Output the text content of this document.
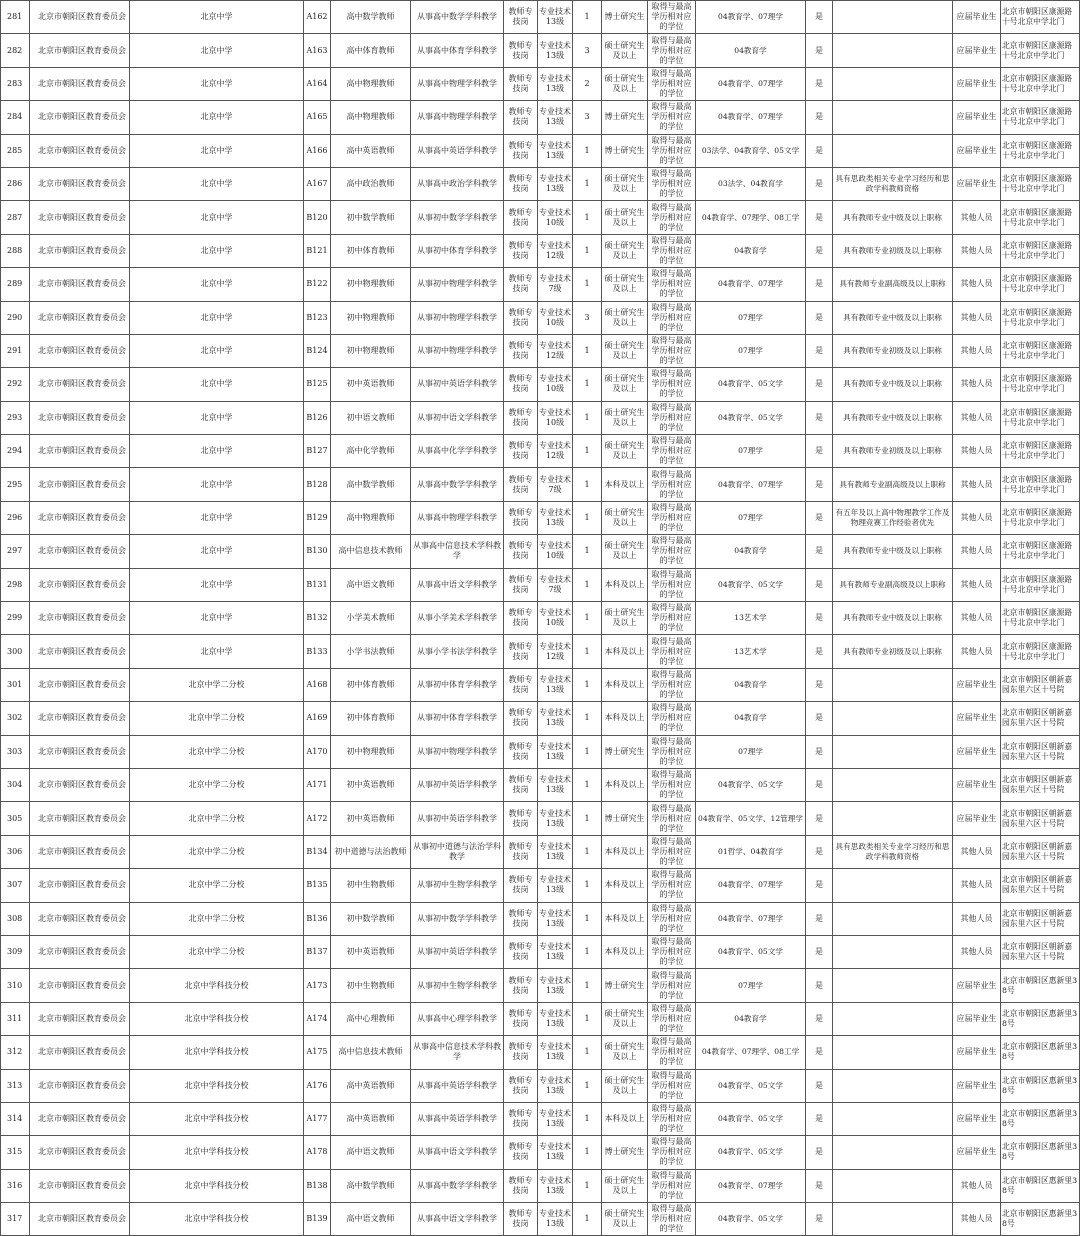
281	北京市朝阳区教育委员会	北京中学	A162	高中数学教师	从事高中数学学科教学	教师专技岗	专业技术13级	1	博士研究生	取得与最高学历相对应的学位	04教育学、07理学	是		应届毕业生	北京市朝阳区康源路十号北京中学北门
282	北京市朝阳区教育委员会	北京中学	A163	高中体育教师	从事高中体育学科教学	教师专技岗	专业技术13级	3	硕士研究生及以上	取得与最高学历相对应的学位	04教育学	是		应届毕业生	北京市朝阳区康源路十号北京中学北门
283	北京市朝阳区教育委员会	北京中学	A164	高中物理教师	从事高中物理学科教学	教师专技岗	专业技术13级	2	硕士研究生及以上	取得与最高学历相对应的学位	04教育学、07理学	是		应届毕业生	北京市朝阳区康源路十号北京中学北门
284	北京市朝阳区教育委员会	北京中学	A165	高中物理教师	从事高中物理学科教学	教师专技岗	专业技术13级	3	博士研究生	取得与最高学历相对应的学位	04教育学、07理学	是		应届毕业生	北京市朝阳区康源路十号北京中学北门
285	北京市朝阳区教育委员会	北京中学	A166	高中英语教师	从事高中英语学科教学	教师专技岗	专业技术13级	1	博士研究生	取得与最高学历相对应的学位	03法学、04教育学、05文学	是		应届毕业生	北京市朝阳区康源路十号北京中学北门
286	北京市朝阳区教育委员会	北京中学	A167	高中政治教师	从事高中政治学科教学	教师专技岗	专业技术13级	1	硕士研究生及以上	取得与最高学历相对应的学位	03法学、04教育学	是	具有思政类相关专业学习经历和思政学科教师资格	应届毕业生	北京市朝阳区康源路十号北京中学北门
287	北京市朝阳区教育委员会	北京中学	B120	初中数学教师	从事初中数学学科教学	教师专技岗	专业技术10级	1	硕士研究生及以上	取得与最高学历相对应的学位	04教育学、07理学、08工学	是	具有教师专业中级及以上职称	其他人员	北京市朝阳区康源路十号北京中学北门
288	北京市朝阳区教育委员会	北京中学	B121	初中体育教师	从事初中体育学科教学	教师专技岗	专业技术12级	1	硕士研究生及以上	取得与最高学历相对应的学位	04教育学	是	具有教师专业初级及以上职称	其他人员	北京市朝阳区康源路十号北京中学北门
289	北京市朝阳区教育委员会	北京中学	B122	初中物理教师	从事初中物理学科教学	教师专技岗	专业技术7级	1	硕士研究生及以上	取得与最高学历相对应的学位	04教育学、07理学	是	具有教师专业副高级及以上职称	其他人员	北京市朝阳区康源路十号北京中学北门
290	北京市朝阳区教育委员会	北京中学	B123	初中物理教师	从事初中物理学科教学	教师专技岗	专业技术10级	3	硕士研究生及以上	取得与最高学历相对应的学位	07理学	是	具有教师专业中级及以上职称	其他人员	北京市朝阳区康源路十号北京中学北门
291	北京市朝阳区教育委员会	北京中学	B124	初中物理教师	从事初中物理学科教学	教师专技岗	专业技术12级	1	硕士研究生及以上	取得与最高学历相对应的学位	07理学	是	具有教师专业初级及以上职称	其他人员	北京市朝阳区康源路十号北京中学北门
292	北京市朝阳区教育委员会	北京中学	B125	初中英语教师	从事初中英语学科教学	教师专技岗	专业技术10级	1	硕士研究生及以上	取得与最高学历相对应的学位	04教育学、05文学	是	具有教师专业中级及以上职称	其他人员	北京市朝阳区康源路十号北京中学北门
293	北京市朝阳区教育委员会	北京中学	B126	初中语文教师	从事初中语文学科教学	教师专技岗	专业技术10级	1	硕士研究生及以上	取得与最高学历相对应的学位	04教育学、05文学	是	具有教师专业中级及以上职称	其他人员	北京市朝阳区康源路十号北京中学北门
294	北京市朝阳区教育委员会	北京中学	B127	高中化学教师	从事高中化学学科教学	教师专技岗	专业技术12级	1	硕士研究生及以上	取得与最高学历相对应的学位	07理学	是	具有教师专业初级及以上职称	其他人员	北京市朝阳区康源路十号北京中学北门
295	北京市朝阳区教育委员会	北京中学	B128	高中数学教师	从事高中数学学科教学	教师专技岗	专业技术7级	1	本科及以上	取得与最高学历相对应的学位	04教育学、07理学	是	具有教师专业副高级及以上职称	其他人员	北京市朝阳区康源路十号北京中学北门
296	北京市朝阳区教育委员会	北京中学	B129	高中物理教师	从事高中物理学科教学	教师专技岗	专业技术13级	1	硕士研究生及以上	取得与最高学历相对应的学位	07理学	是	有五年及以上高中物理教学工作及物理竞赛工作经验者优先	其他人员	北京市朝阳区康源路十号北京中学北门
297	北京市朝阳区教育委员会	北京中学	B130	高中信息技术教师	从事高中信息技术学科教学	教师专技岗	专业技术10级	1	硕士研究生及以上	取得与最高学历相对应的学位	04教育学	是	具有教师专业中级及以上职称	其他人员	北京市朝阳区康源路十号北京中学北门
298	北京市朝阳区教育委员会	北京中学	B131	高中语文教师	从事高中语文学科教学	教师专技岗	专业技术7级	1	本科及以上	取得与最高学历相对应的学位	04教育学、05文学	是	具有教师专业副高级及以上职称	其他人员	北京市朝阳区康源路十号北京中学北门
299	北京市朝阳区教育委员会	北京中学	B132	小学美术教师	从事小学美术学科教学	教师专技岗	专业技术10级	1	硕士研究生及以上	取得与最高学历相对应的学位	13艺术学	是	具有教师专业中级及以上职称	其他人员	北京市朝阳区康源路十号北京中学北门
300	北京市朝阳区教育委员会	北京中学	B133	小学书法教师	从事小学书法学科教学	教师专技岗	专业技术12级	1	本科及以上	取得与最高学历相对应的学位	13艺术学	是	具有教师专业初级及以上职称	其他人员	北京市朝阳区康源路十号北京中学北门
301	北京市朝阳区教育委员会	北京中学二分校	A168	初中体育教师	从事初中体育学科教学	教师专技岗	专业技术13级	1	本科及以上	取得与最高学历相对应的学位	04教育学	是		应届毕业生	北京市朝阳区朝新嘉园东里六区十号院
302	北京市朝阳区教育委员会	北京中学二分校	A169	初中体育教师	从事初中体育学科教学	教师专技岗	专业技术13级	1	本科及以上	取得与最高学历相对应的学位	04教育学	是		应届毕业生	北京市朝阳区朝新嘉园东里六区十号院
303	北京市朝阳区教育委员会	北京中学二分校	A170	初中物理教师	从事初中物理学科教学	教师专技岗	专业技术13级	1	博士研究生	取得与最高学历相对应的学位	07理学	是		应届毕业生	北京市朝阳区朝新嘉园东里六区十号院
304	北京市朝阳区教育委员会	北京中学二分校	A171	初中英语教师	从事初中英语学科教学	教师专技岗	专业技术13级	1	本科及以上	取得与最高学历相对应的学位	04教育学、05文学	是		应届毕业生	北京市朝阳区朝新嘉园东里六区十号院
305	北京市朝阳区教育委员会	北京中学二分校	A172	初中英语教师	从事初中英语学科教学	教师专技岗	专业技术13级	1	博士研究生	取得与最高学历相对应的学位	04教育学、05文学、12管理学	是		应届毕业生	北京市朝阳区朝新嘉园东里六区十号院
306	北京市朝阳区教育委员会	北京中学二分校	B134	初中道德与法治教师	从事初中道德与法治学科教学	教师专技岗	专业技术13级	1	本科及以上	取得与最高学历相对应的学位	01哲学、04教育学	是	具有思政类相关专业学习经历和思政学科教师资格	其他人员	北京市朝阳区朝新嘉园东里六区十号院
307	北京市朝阳区教育委员会	北京中学二分校	B135	初中生物教师	从事初中生物学科教学	教师专技岗	专业技术13级	1	本科及以上	取得与最高学历相对应的学位	04教育学、07理学	是		其他人员	北京市朝阳区朝新嘉园东里六区十号院
308	北京市朝阳区教育委员会	北京中学二分校	B136	初中数学教师	从事初中数学学科教学	教师专技岗	专业技术13级	1	本科及以上	取得与最高学历相对应的学位	04教育学、07理学	是		其他人员	北京市朝阳区朝新嘉园东里六区十号院
309	北京市朝阳区教育委员会	北京中学二分校	B137	初中英语教师	从事初中英语学科教学	教师专技岗	专业技术13级	1	本科及以上	取得与最高学历相对应的学位	04教育学、05文学	是		其他人员	北京市朝阳区朝新嘉园东里六区十号院
310	北京市朝阳区教育委员会	北京中学科技分校	A173	初中生物教师	从事初中生物学科教学	教师专技岗	专业技术13级	1	博士研究生	取得与最高学历相对应的学位	07理学	是		应届毕业生	北京市朝阳区惠新里38号
311	北京市朝阳区教育委员会	北京中学科技分校	A174	高中心理教师	从事高中心理学科教学	教师专技岗	专业技术13级	1	硕士研究生及以上	取得与最高学历相对应的学位	04教育学	是		应届毕业生	北京市朝阳区惠新里38号
312	北京市朝阳区教育委员会	北京中学科技分校	A175	高中信息技术教师	从事高中信息技术学科教学	教师专技岗	专业技术13级	1	硕士研究生及以上	取得与最高学历相对应的学位	04教育学、07理学、08工学	是		应届毕业生	北京市朝阳区惠新里38号
313	北京市朝阳区教育委员会	北京中学科技分校	A176	高中英语教师	从事高中英语学科教学	教师专技岗	专业技术13级	1	硕士研究生及以上	取得与最高学历相对应的学位	04教育学、05文学	是		应届毕业生	北京市朝阳区惠新里38号
314	北京市朝阳区教育委员会	北京中学科技分校	A177	高中英语教师	从事高中英语学科教学	教师专技岗	专业技术13级	1	本科及以上	取得与最高学历相对应的学位	04教育学、05文学	是		应届毕业生	北京市朝阳区惠新里38号
315	北京市朝阳区教育委员会	北京中学科技分校	A178	高中语文教师	从事高中语文学科教学	教师专技岗	专业技术13级	1	博士研究生	取得与最高学历相对应的学位	04教育学、05文学	是		应届毕业生	北京市朝阳区惠新里38号
316	北京市朝阳区教育委员会	北京中学科技分校	B138	高中数学教师	从事高中数学学科教学	教师专技岗	专业技术13级	1	硕士研究生及以上	取得与最高学历相对应的学位	04教育学、07理学	是		其他人员	北京市朝阳区惠新里38号
317	北京市朝阳区教育委员会	北京中学科技分校	B139	高中语文教师	从事高中语文学科教学	教师专技岗	专业技术13级	1	硕士研究生及以上	取得与最高学历相对应的学位	04教育学、05文学	是		其他人员	北京市朝阳区惠新里38号
